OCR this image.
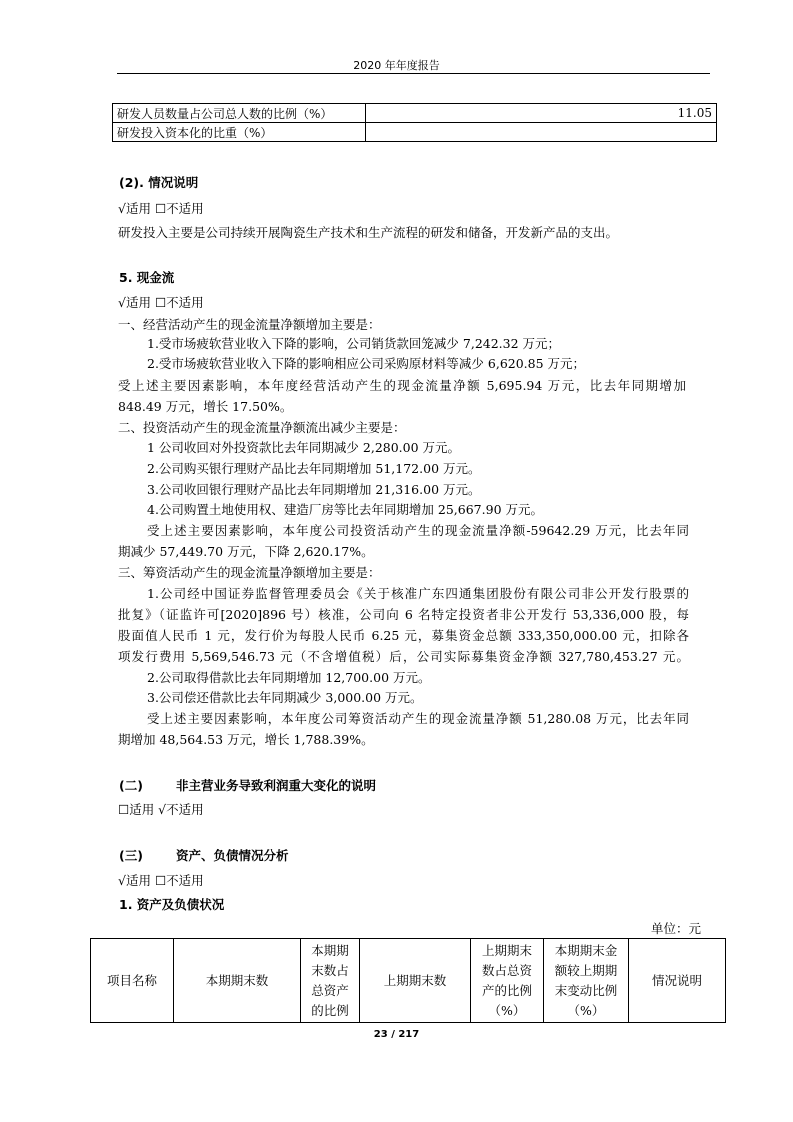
2020 年年度报告
研发人员数量占公司总人数的比例（%）	11.05
研发投入资本化的比重（%）	
(2). 情况说明
√适用 ☐不适用
研发投入主要是公司持续开展陶瓷生产技术和生产流程的研发和储备，开发新产品的支出。
5. 现金流
√适用 ☐不适用
一、经营活动产生的现金流量净额增加主要是：
1.受市场疲软营业收入下降的影响，公司销货款回笼减少 7,242.32 万元；
2.受市场疲软营业收入下降的影响相应公司采购原材料等减少 6,620.85 万元；
受上述主要因素影响，本年度经营活动产生的现金流量净额 5,695.94 万元，比去年同期增加
848.49 万元，增长 17.50%。
二、投资活动产生的现金流量净额流出减少主要是：
1 公司收回对外投资款比去年同期减少 2,280.00 万元。
2.公司购买银行理财产品比去年同期增加 51,172.00 万元。
3.公司收回银行理财产品比去年同期增加 21,316.00 万元。
4.公司购置土地使用权、建造厂房等比去年同期增加 25,667.90 万元。
受上述主要因素影响，本年度公司投资活动产生的现金流量净额-59642.29 万元，比去年同
期减少 57,449.70 万元，下降 2,620.17%。
三、筹资活动产生的现金流量净额增加主要是：
1.公司经中国证券监督管理委员会《关于核准广东四通集团股份有限公司非公开发行股票的
批复》（证监许可[2020]896 号）核准，公司向 6 名特定投资者非公开发行 53,336,000 股，每
股面值人民币 1 元，发行价为每股人民币 6.25 元，募集资金总额 333,350,000.00 元，扣除各
项发行费用 5,569,546.73 元（不含增值税）后，公司实际募集资金净额 327,780,453.27 元。
2.公司取得借款比去年同期增加 12,700.00 万元。
3.公司偿还借款比去年同期减少 3,000.00 万元。
受上述主要因素影响，本年度公司筹资活动产生的现金流量净额 51,280.08 万元，比去年同
期增加 48,564.53 万元，增长 1,788.39%。
(二)	非主营业务导致利润重大变化的说明
☐适用 √不适用
(三)	资产、负债情况分析
√适用 ☐不适用
1. 资产及负债状况
单位：元
项目名称	本期期末数	本期期
末数占
总资产
的比例	上期期末数	上期期末
数占总资
产的比例
（%）	本期期末金
额较上期期
末变动比例
（%）	情况说明
23 / 217
